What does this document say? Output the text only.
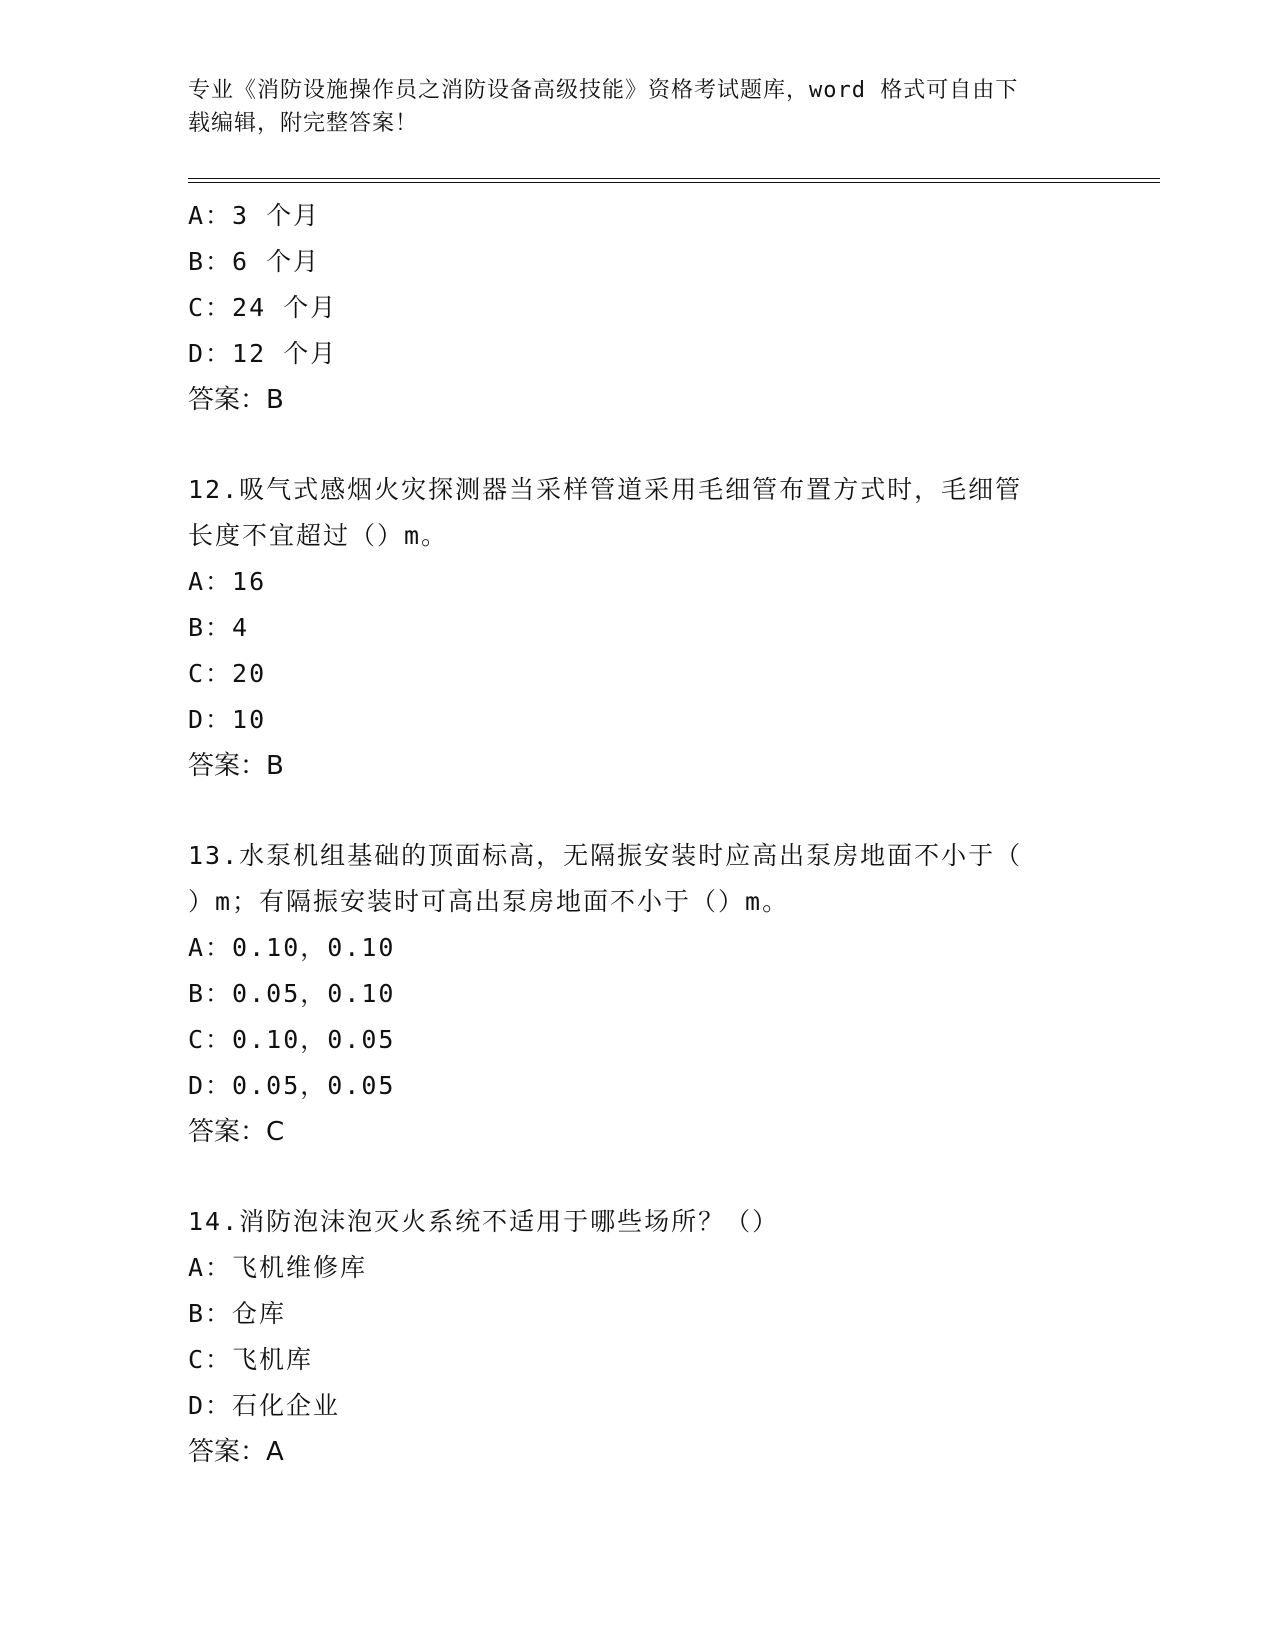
专业《消防设施操作员之消防设备高级技能》资格考试题库，word 格式可自由下
载编辑，附完整答案！
A：3 个月
B：6 个月
C：24 个月
D：12 个月
答案：B
12.吸气式感烟火灾探测器当采样管道采用毛细管布置方式时，毛细管
长度不宜超过（）m。
A：16
B：4
C：20
D：10
答案：B
13.水泵机组基础的顶面标高，无隔振安装时应高出泵房地面不小于（
）m；有隔振安装时可高出泵房地面不小于（）m。
A：0.10，0.10
B：0.05，0.10
C：0.10，0.05
D：0.05，0.05
答案：C
14.消防泡沫泡灭火系统不适用于哪些场所？（）
A：飞机维修库
B：仓库
C：飞机库
D：石化企业
答案：A
